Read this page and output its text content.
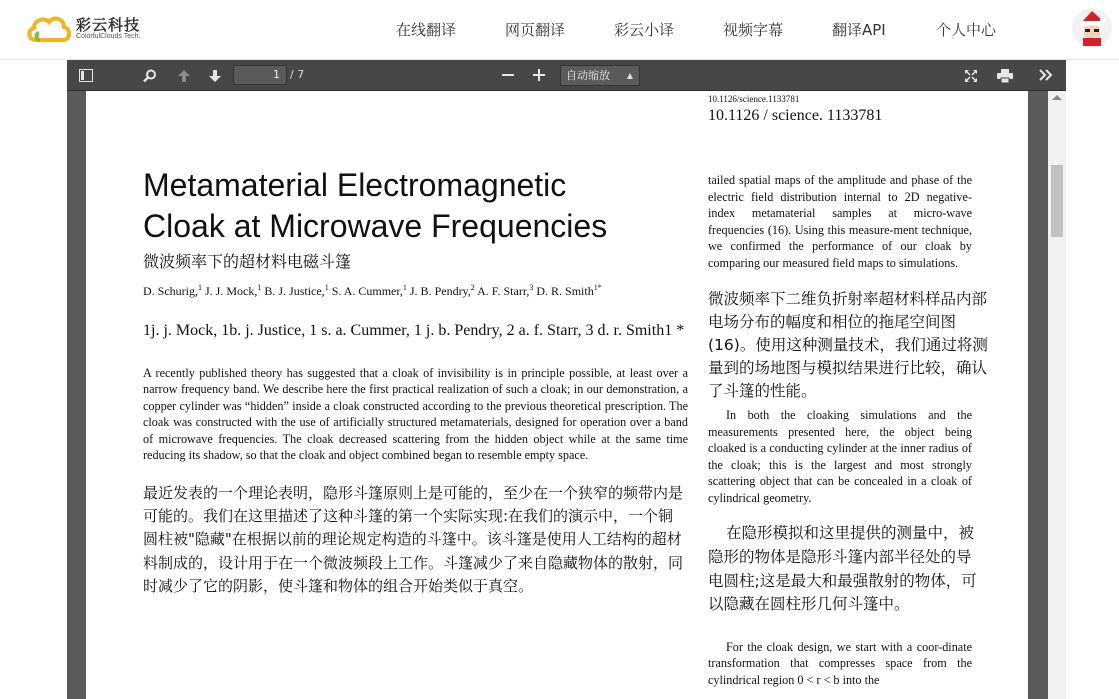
彩云科技
ColorfulClouds Tech.	在线翻译	网页翻译	彩云小译	视频字幕	翻译API	个人中心
1 / 7	自动缩放 ▲

10.1126/science.1133781
10.1126 / science. 1133781
Metamaterial Electromagnetic
Cloak at Microwave Frequencies
微波频率下的超材料电磁斗篷
D. Schurig,$^1$ J. J. Mock,$^1$ B. J. Justice,$^1$ S. A. Cummer,$^1$ J. B. Pendry,$^2$ A. F. Starr,$^3$ D. R. Smith$^{1*}$
1j. j. Mock, 1b. j. Justice, 1 s. a. Cummer, 1 j. b. Pendry, 2 a. f. Starr, 3 d. r. Smith1 *
A recently published theory has suggested that a cloak of invisibility is in principle possible, at least over a narrow frequency band. We describe here the first practical realization of such a cloak; in our demonstration, a copper cylinder was “hidden” inside a cloak constructed according to the previous theoretical prescription. The cloak was constructed with the use of artificially structured metamaterials, designed for operation over a band of microwave frequencies. The cloak decreased scattering from the hidden object while at the same time reducing its shadow, so that the cloak and object combined began to resemble empty space.
最近发表的一个理论表明，隐形斗篷原则上是可能的，至少在一个狭窄的频带内是可能的。我们在这里描述了这种斗篷的第一个实际实现:在我们的演示中，一个铜圆柱被"隐藏"在根据以前的理论规定构造的斗篷中。该斗篷是使用人工结构的超材料制成的，设计用于在一个微波频段上工作。斗篷减少了来自隐藏物体的散射，同时减少了它的阴影，使斗篷和物体的组合开始类似于真空。
tailed spatial maps of the amplitude and phase of the electric field distribution internal to 2D negative-index metamaterial samples at micro-wave frequencies (16). Using this measure-ment technique, we confirmed the performance of our cloak by comparing our measured field maps to simulations.
微波频率下二维负折射率超材料样品内部电场分布的幅度和相位的拖尾空间图(16)。使用这种测量技术，我们通过将测量到的场地图与模拟结果进行比较，确认了斗篷的性能。
In both the cloaking simulations and the measurements presented here, the object being cloaked is a conducting cylinder at the inner radius of the cloak; this is the largest and most strongly scattering object that can be concealed in a cloak of cylindrical geometry.
在隐形模拟和这里提供的测量中，被隐形的物体是隐形斗篷内部半径处的导电圆柱;这是最大和最强散射的物体，可以隐藏在圆柱形几何斗篷中。
For the cloak design, we start with a coor-dinate transformation that compresses space from the cylindrical region 0 < r < b into the
